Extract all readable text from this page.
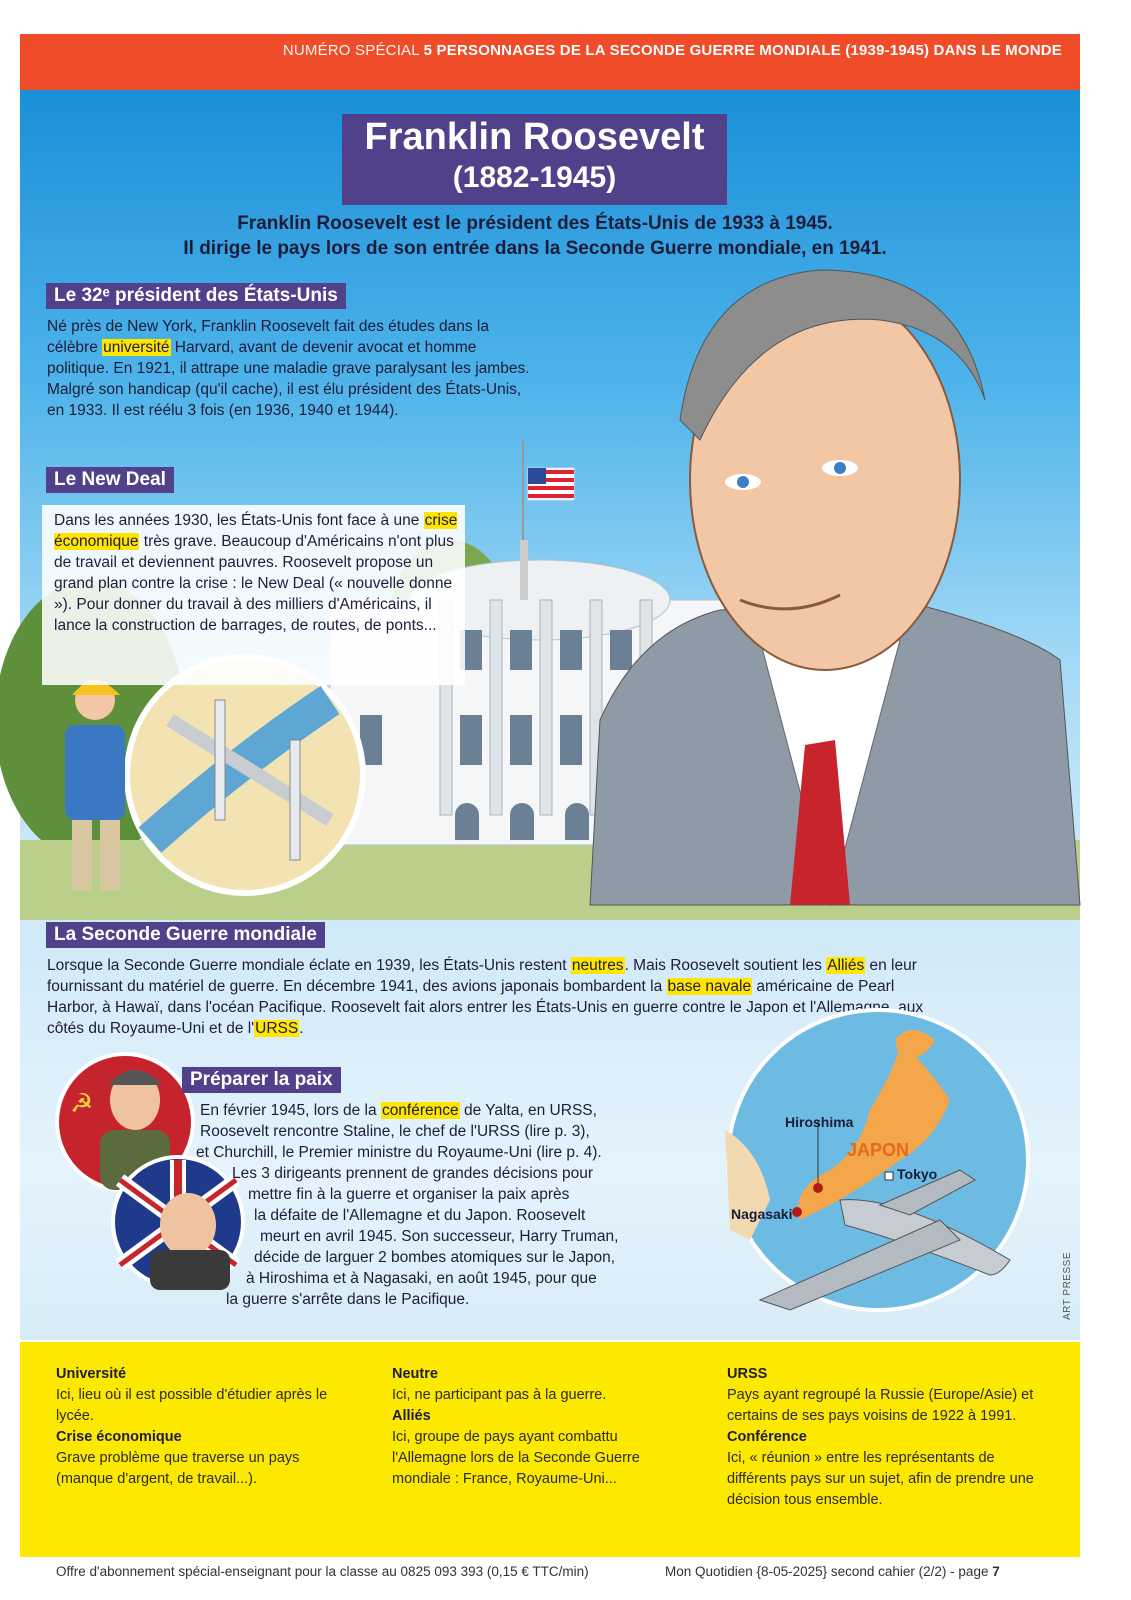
NUMÉRO SPÉCIAL 5 PERSONNAGES DE LA SECONDE GUERRE MONDIALE (1939-1945) DANS LE MONDE
Franklin Roosevelt
(1882-1945)
Franklin Roosevelt est le président des États-Unis de 1933 à 1945.
Il dirige le pays lors de son entrée dans la Seconde Guerre mondiale, en 1941.
Le 32ᵉ président des États-Unis
Né près de New York, Franklin Roosevelt fait des études dans la célèbre université Harvard, avant de devenir avocat et homme politique. En 1921, il attrape une maladie grave paralysant les jambes. Malgré son handicap (qu'il cache), il est élu président des États-Unis, en 1933. Il est réélu 3 fois (en 1936, 1940 et 1944).
Le New Deal
Dans les années 1930, les États-Unis font face à une crise économique très grave. Beaucoup d'Américains n'ont plus de travail et deviennent pauvres. Roosevelt propose un grand plan contre la crise : le New Deal (« nouvelle donne »). Pour donner du travail à des milliers d'Américains, il lance la construction de barrages, de routes, de ponts...
La Seconde Guerre mondiale
Lorsque la Seconde Guerre mondiale éclate en 1939, les États-Unis restent neutres. Mais Roosevelt soutient les Alliés en leur fournissant du matériel de guerre. En décembre 1941, des avions japonais bombardent la base navale américaine de Pearl Harbor, à Hawaï, dans l'océan Pacifique. Roosevelt fait alors entrer les États-Unis en guerre contre le Japon et l'Allemagne, aux côtés du Royaume-Uni et de l'URSS.
☭
Préparer la paix
En février 1945, lors de la conférence de Yalta, en URSS,
Roosevelt rencontre Staline, le chef de l'URSS (lire p. 3),
et Churchill, le Premier ministre du Royaume-Uni (lire p. 4).
Les 3 dirigeants prennent de grandes décisions pour
mettre fin à la guerre et organiser la paix après
la défaite de l'Allemagne et du Japon. Roosevelt
meurt en avril 1945. Son successeur, Harry Truman,
décide de larguer 2 bombes atomiques sur le Japon,
à Hiroshima et à Nagasaki, en août 1945, pour que
la guerre s'arrête dans le Pacifique.
Hiroshima
JAPON
Tokyo
Nagasaki
ART PRESSE
Université
Ici, lieu où il est possible d'étudier après le lycée.
Crise économique
Grave problème que traverse un pays (manque d'argent, de travail...).
Neutre
Ici, ne participant pas à la guerre.
Alliés
Ici, groupe de pays ayant combattu l'Allemagne lors de la Seconde Guerre mondiale : France, Royaume-Uni...
URSS
Pays ayant regroupé la Russie (Europe/Asie) et certains de ses pays voisins de 1922 à 1991.
Conférence
Ici, « réunion » entre les représentants de différents pays sur un sujet, afin de prendre une décision tous ensemble.
Offre d'abonnement spécial-enseignant pour la classe au 0825 093 393 (0,15 € TTC/min)	Mon Quotidien {8-05-2025} second cahier (2/2) - page 7
